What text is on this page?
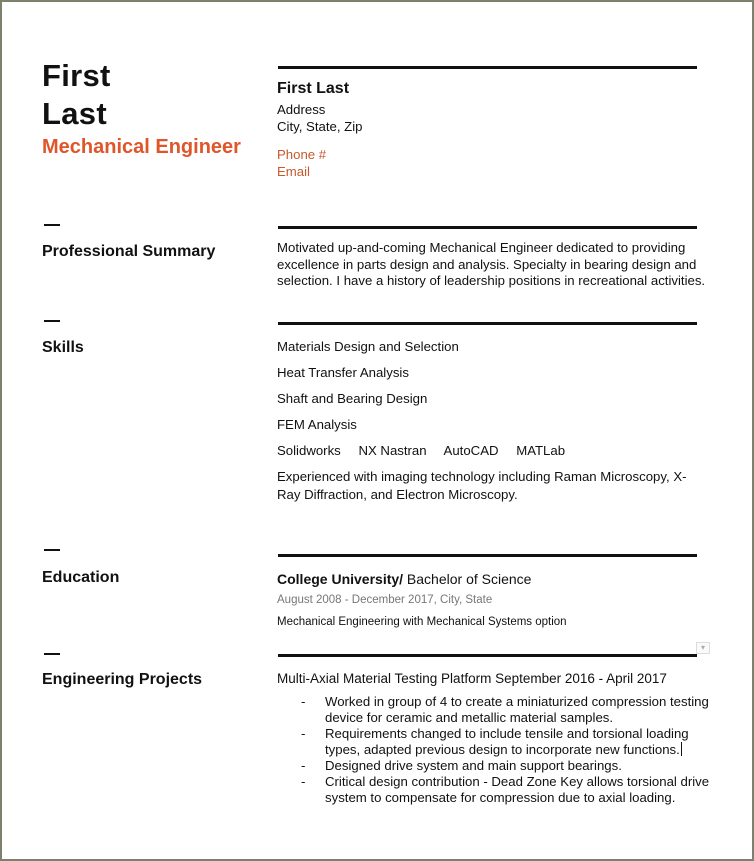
First
Last
Mechanical Engineer
First Last
Address
City, State, Zip
Phone #
Email
Professional Summary	Motivated up-and-coming Mechanical Engineer dedicated to providing excellence in parts design and analysis. Specialty in bearing design and selection. I have a history of leadership positions in recreational activities.
Skills	Materials Design and Selection
Heat Transfer Analysis
Shaft and Bearing Design
FEM Analysis
Solidworks NX Nastran AutoCAD MATLab
Experienced with imaging technology including Raman Microscopy, X-Ray Diffraction, and Electron Microscopy.
Education	College University/ Bachelor of Science
August 2008 - December 2017, City, State
Mechanical Engineering with Mechanical Systems option
Engineering Projects
▾
Multi-Axial Material Testing Platform September 2016 - April 2017
- Worked in group of 4 to create a miniaturized compression testing device for ceramic and metallic material samples.
- Requirements changed to include tensile and torsional loading types, adapted previous design to incorporate new functions.
- Designed drive system and main support bearings.
- Critical design contribution - Dead Zone Key allows torsional drive system to compensate for compression due to axial loading.
